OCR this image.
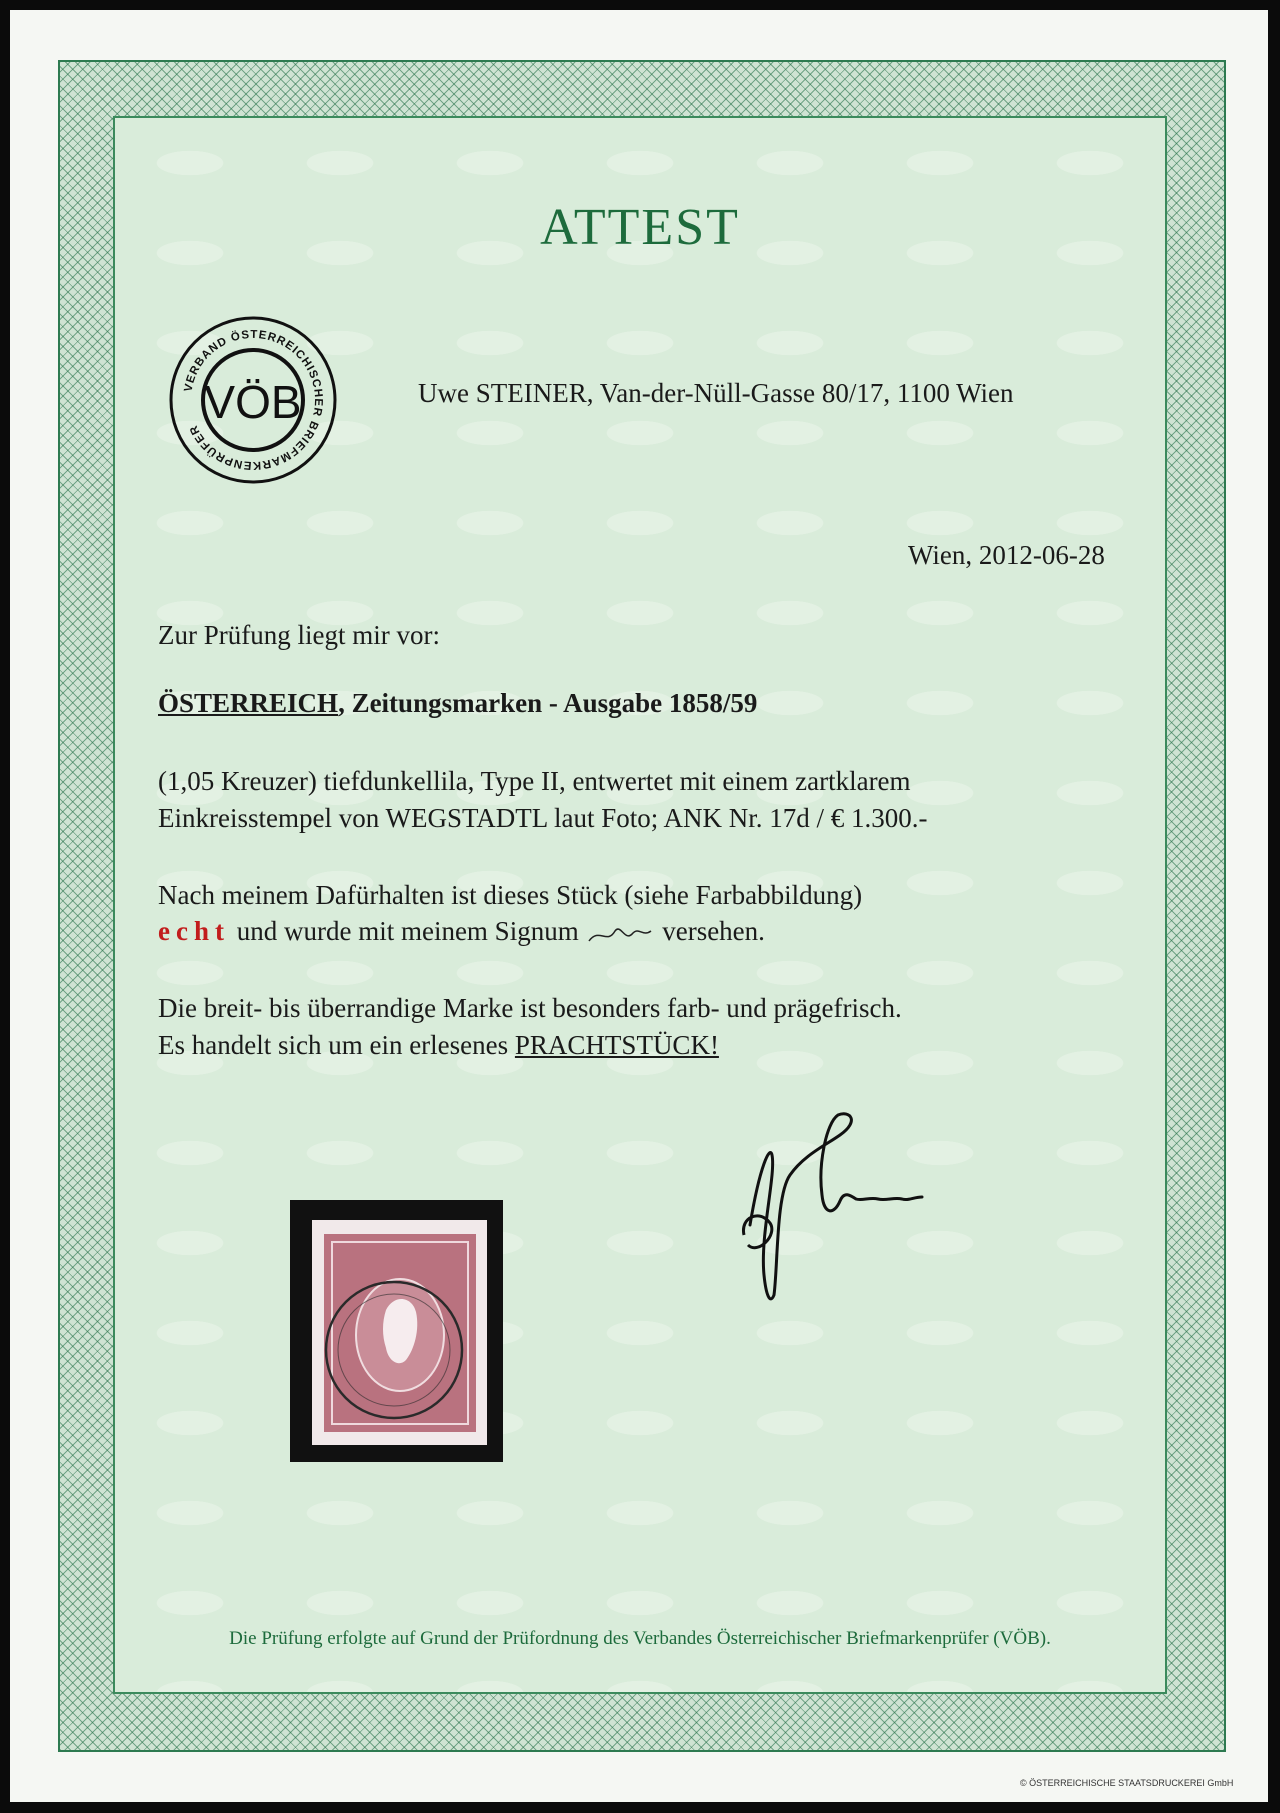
ATTEST
VERBAND ÖSTERREICHISCHER BRIEFMARKENPRÜFER
VÖB	Uwe STEINER, Van-der-Nüll-Gasse 80/17, 1100 Wien
Wien, 2012-06-28
Zur Prüfung liegt mir vor:
ÖSTERREICH, Zeitungsmarken - Ausgabe 1858/59
(1,05 Kreuzer) tiefdunkellila, Type II, entwertet mit einem zartklarem
Einkreisstempel von WEGSTADTL laut Foto; ANK Nr. 17d / € 1.300.-
Nach meinem Dafürhalten ist dieses Stück (siehe Farbabbildung)
echt und wurde mit meinem Signum	versehen.
Die breit- bis überrandige Marke ist besonders farb- und prägefrisch.
Es handelt sich um ein erlesenes PRACHTSTÜCK!
Die Prüfung erfolgte auf Grund der Prüfordnung des Verbandes Österreichischer Briefmarkenprüfer (VÖB).
© ÖSTERREICHISCHE STAATSDRUCKEREI GmbH
